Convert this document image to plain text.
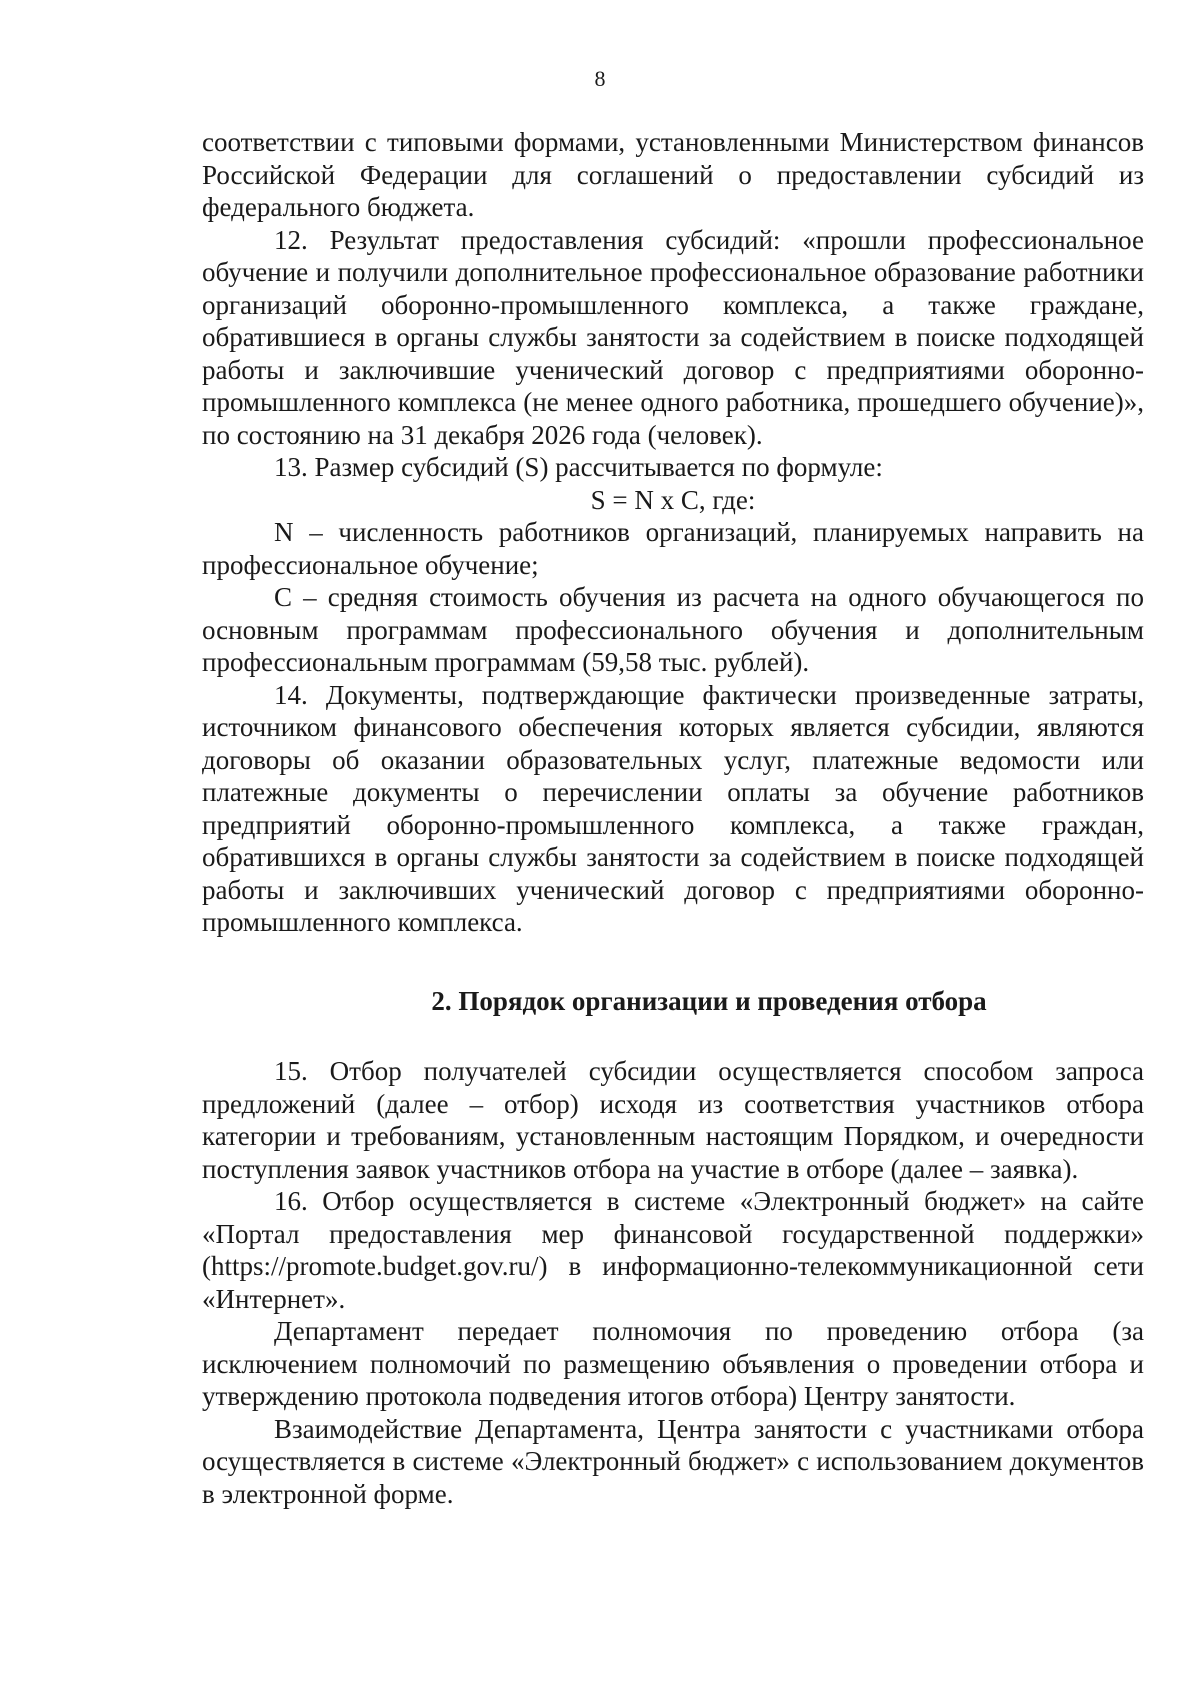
8

соответствии с типовыми формами, установленными Министерством финансов Российской Федерации для соглашений о предоставлении субсидий из федерального бюджета.

12. Результат предоставления субсидий: «прошли профессиональное обучение и получили дополнительное профессиональное образование работники организаций оборонно-промышленного комплекса, а также граждане, обратившиеся в органы службы занятости за содействием в поиске подходящей работы и заключившие ученический договор с предприятиями оборонно-промышленного комплекса (не менее одного работника, прошедшего обучение)», по состоянию на 31 декабря 2026 года (человек).

13. Размер субсидий (S) рассчитывается по формуле:

S = N x C, где:

N – численность работников организаций, планируемых направить на профессиональное обучение;

C – средняя стоимость обучения из расчета на одного обучающегося по основным программам профессионального обучения и дополнительным профессиональным программам (59,58 тыс. рублей).

14. Документы, подтверждающие фактически произведенные затраты, источником финансового обеспечения которых является субсидии, являются договоры об оказании образовательных услуг, платежные ведомости или платежные документы о перечислении оплаты за обучение работников предприятий оборонно-промышленного комплекса, а также граждан, обратившихся в органы службы занятости за содействием в поиске подходящей работы и заключивших ученический договор с предприятиями оборонно-промышленного комплекса.

2. Порядок организации и проведения отбора

15. Отбор получателей субсидии осуществляется способом запроса предложений (далее – отбор) исходя из соответствия участников отбора категории и требованиям, установленным настоящим Порядком, и очередности поступления заявок участников отбора на участие в отборе (далее – заявка).

16. Отбор осуществляется в системе «Электронный бюджет» на сайте «Портал предоставления мер финансовой государственной поддержки» (https://promote.budget.gov.ru/) в информационно-телекоммуникационной сети «Интернет».

Департамент передает полномочия по проведению отбора (за исключением полномочий по размещению объявления о проведении отбора и утверждению протокола подведения итогов отбора) Центру занятости.

Взаимодействие Департамента, Центра занятости с участниками отбора осуществляется в системе «Электронный бюджет» с использованием документов в электронной форме.
